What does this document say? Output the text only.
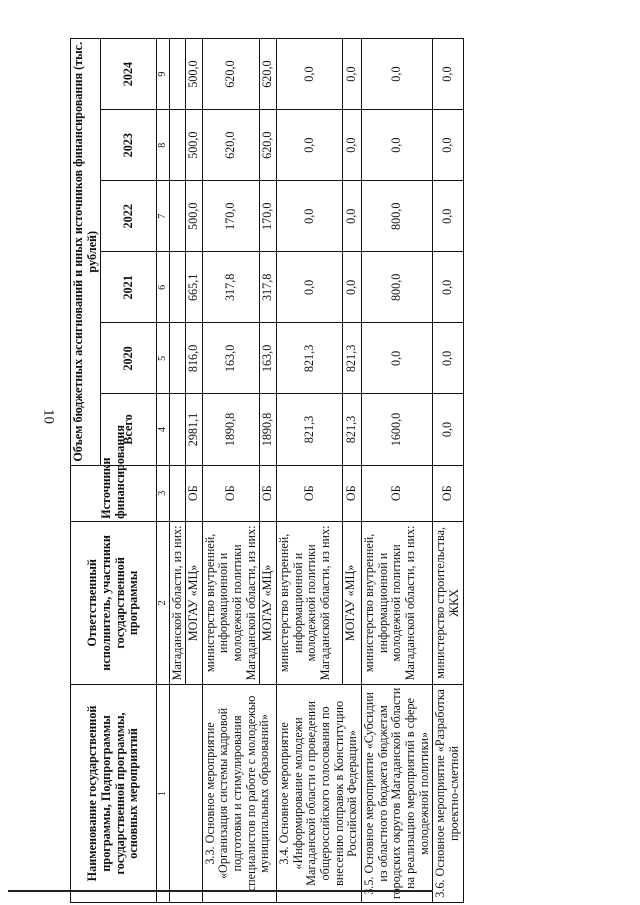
10
Наименование государственной программы, Подпрограммы государственной программы, основных мероприятий	Ответственный исполнитель, участники государственной программы	Источники финансирования	Объем бюджетных ассигнований и иных источников финансирования (тыс. рублей)					
			Всего	2020	2021	2022	2023	2024
1	2	3	4	5	6	7	8	9
	Магаданской области, из них:							
	МОГАУ «МЦ»	ОБ	2981,1	816,0	665,1	500,0	500,0	500,0
3.3. Основное мероприятие «Организация системы кадровой подготовки и стимулирования специалистов по работе с молодежью муниципальных образований»	министерство внутренней, информационной и молодежной политики Магаданской области, из них:	ОБ	1890,8	163,0	317,8	170,0	620,0	620,0
	МОГАУ «МЦ»	ОБ	1890,8	163,0	317,8	170,0	620,0	620,0
3.4. Основное мероприятие «Информирование молодежи Магаданской области о проведении общероссийского голосования по внесению поправок в Конституцию Российской Федерации»	министерство внутренней, информационной и молодежной политики Магаданской области, из них:	ОБ	821,3	821,3	0,0	0,0	0,0	0,0
	МОГАУ «МЦ»	ОБ	821,3	821,3	0,0	0,0	0,0	0,0
3.5. Основное мероприятие «Субсидии из областного бюджета бюджетам городских округов Магаданской области на реализацию мероприятий в сфере молодежной политики»	министерство внутренней, информационной и молодежной политики Магаданской области, из них:	ОБ	1600,0	0,0	800,0	800,0	0,0	0,0
3.6. Основное мероприятие «Разработка проектно-сметной	министерство строительства, ЖКХ	ОБ	0,0	0,0	0,0	0,0	0,0	0,0
